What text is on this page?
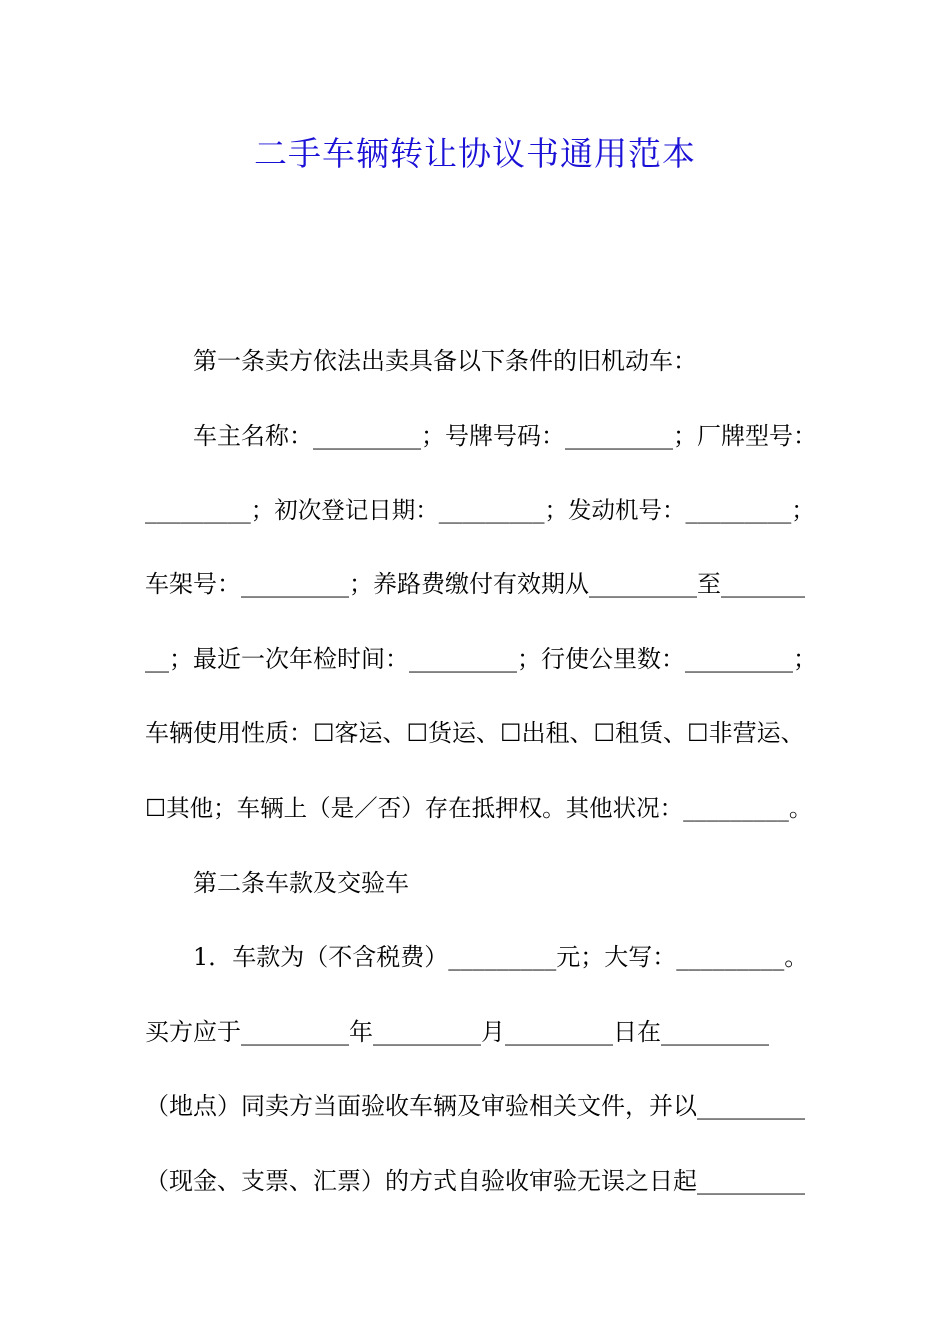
二手车辆转让协议书通用范本
第一条卖方依法出卖具备以下条件的旧机动车：
车主名称：_________；号牌号码：_________；厂牌型号：
_________；初次登记日期：_________；发动机号：_________；
车架号：_________；养路费缴付有效期从_________至_______
__；最近一次年检时间：_________；行使公里数：_________；
车辆使用性质：☐客运、☐货运、☐出租、☐租赁、☐非营运、
☐其他；车辆上（是／否）存在抵押权。其他状况：_________。
第二条车款及交验车
1．车款为（不含税费）_________元；大写：_________。
买方应于_________年_________月_________日在_________
（地点）同卖方当面验收车辆及审验相关文件，并以_________
（现金、支票、汇票）的方式自验收审验无误之日起_________
